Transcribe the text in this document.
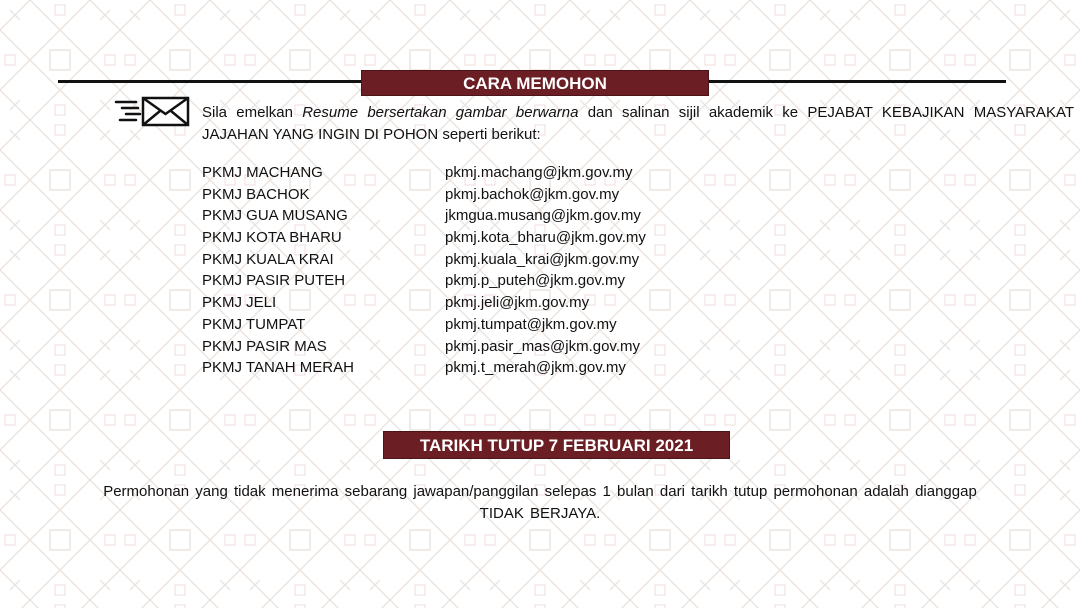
CARA MEMOHON
Sila emelkan Resume bersertakan gambar berwarna dan salinan sijil akademik ke PEJABAT KEBAJIKAN MASYARAKAT JAJAHAN YANG INGIN DI POHON seperti berikut:
PKMJ MACHANG	pkmj.machang@jkm.gov.my
PKMJ BACHOK	pkmj.bachok@jkm.gov.my
PKMJ GUA MUSANG	jkmgua.musang@jkm.gov.my
PKMJ KOTA BHARU	pkmj.kota_bharu@jkm.gov.my
PKMJ KUALA KRAI	pkmj.kuala_krai@jkm.gov.my
PKMJ PASIR PUTEH	pkmj.p_puteh@jkm.gov.my
PKMJ JELI	pkmj.jeli@jkm.gov.my
PKMJ TUMPAT	pkmj.tumpat@jkm.gov.my
PKMJ PASIR MAS	pkmj.pasir_mas@jkm.gov.my
PKMJ TANAH MERAH	pkmj.t_merah@jkm.gov.my
TARIKH TUTUP 7 FEBRUARI 2021
Permohonan yang tidak menerima sebarang jawapan/panggilan selepas 1 bulan dari tarikh tutup permohonan adalah dianggap TIDAK BERJAYA.
